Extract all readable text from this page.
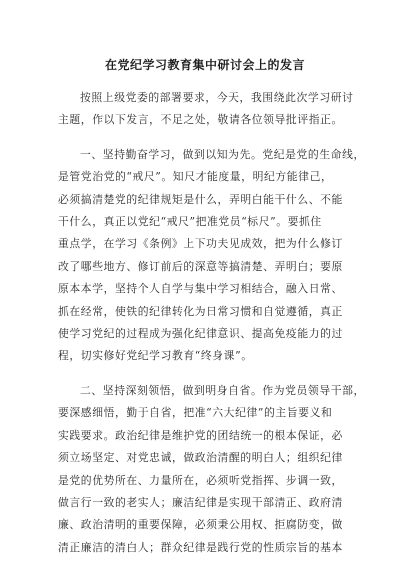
在党纪学习教育集中研讨会上的发言

按照上级党委的部署要求，今天，我围绕此次学习研讨
主题，作以下发言，不足之处，敬请各位领导批评指正。

一、坚持勤奋学习，做到以知为先。党纪是党的生命线，
是管党治党的“戒尺”。知尺才能度量，明纪方能律己，
必须搞清楚党的纪律规矩是什么，弄明白能干什么、不能
干什么，真正以党纪“戒尺”把准党员“标尺”。要抓住
重点学，在学习《条例》上下功夫见成效，把为什么修订
改了哪些地方、修订前后的深意等搞清楚、弄明白；要原
原本本学，坚持个人自学与集中学习相结合，融入日常、
抓在经常，使铁的纪律转化为日常习惯和自觉遵循，真正
使学习党纪的过程成为强化纪律意识、提高免疫能力的过
程，切实修好党纪学习教育“终身课”。

二、坚持深刻领悟，做到明身自省。作为党员领导干部，
要深感细悟，勤于自省，把准“六大纪律”的主旨要义和
实践要求。政治纪律是维护党的团结统一的根本保证，必
须立场坚定、对党忠诚，做政治清醒的明白人；组织纪律
是党的优势所在、力量所在，必须听党指挥、步调一致，
做言行一致的老实人；廉洁纪律是实现干部清正、政府清
廉、政治清明的重要保障，必须秉公用权、拒腐防变，做
清正廉洁的清白人；群众纪律是践行党的性质宗旨的基本
